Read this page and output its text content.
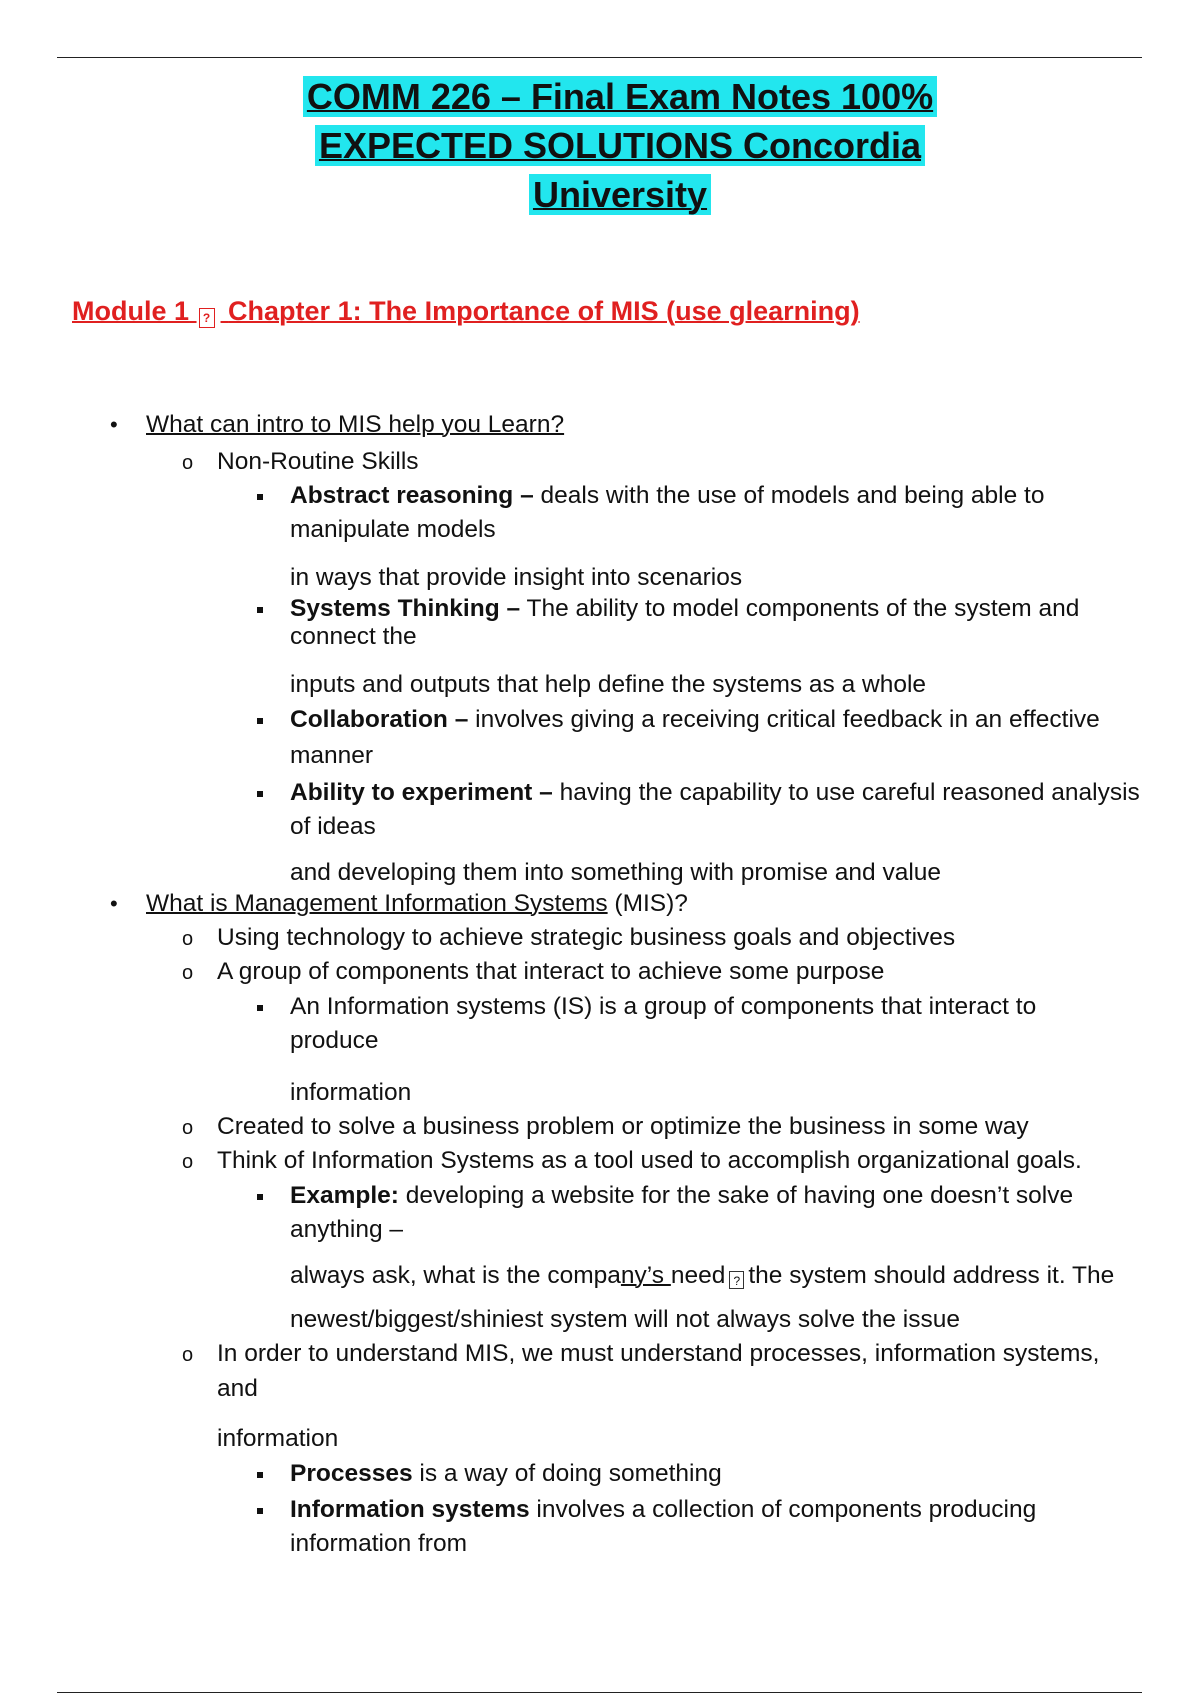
COMM 226 – Final Exam Notes 100%
EXPECTED SOLUTIONS Concordia
University
Module 1 ? Chapter 1: The Importance of MIS (use glearning)
• What can intro to MIS help you Learn?
o Non-Routine Skills
Abstract reasoning – deals with the use of models and being able to
manipulate models
in ways that provide insight into scenarios
Systems Thinking – The ability to model components of the system and
connect the
inputs and outputs that help define the systems as a whole
Collaboration – involves giving a receiving critical feedback in an effective
manner
Ability to experiment – having the capability to use careful reasoned analysis
of ideas
and developing them into something with promise and value
• What is Management Information Systems (MIS)?
o Using technology to achieve strategic business goals and objectives
o A group of components that interact to achieve some purpose
An Information systems (IS) is a group of components that interact to
produce
information
o Created to solve a business problem or optimize the business in some way
o Think of Information Systems as a tool used to accomplish organizational goals.
Example: developing a website for the sake of having one doesn’t solve
anything –
always ask, what is the company’s need ? the system should address it. The
newest/biggest/shiniest system will not always solve the issue
o In order to understand MIS, we must understand processes, information systems,
and
information
Processes is a way of doing something
Information systems involves a collection of components producing
information from
